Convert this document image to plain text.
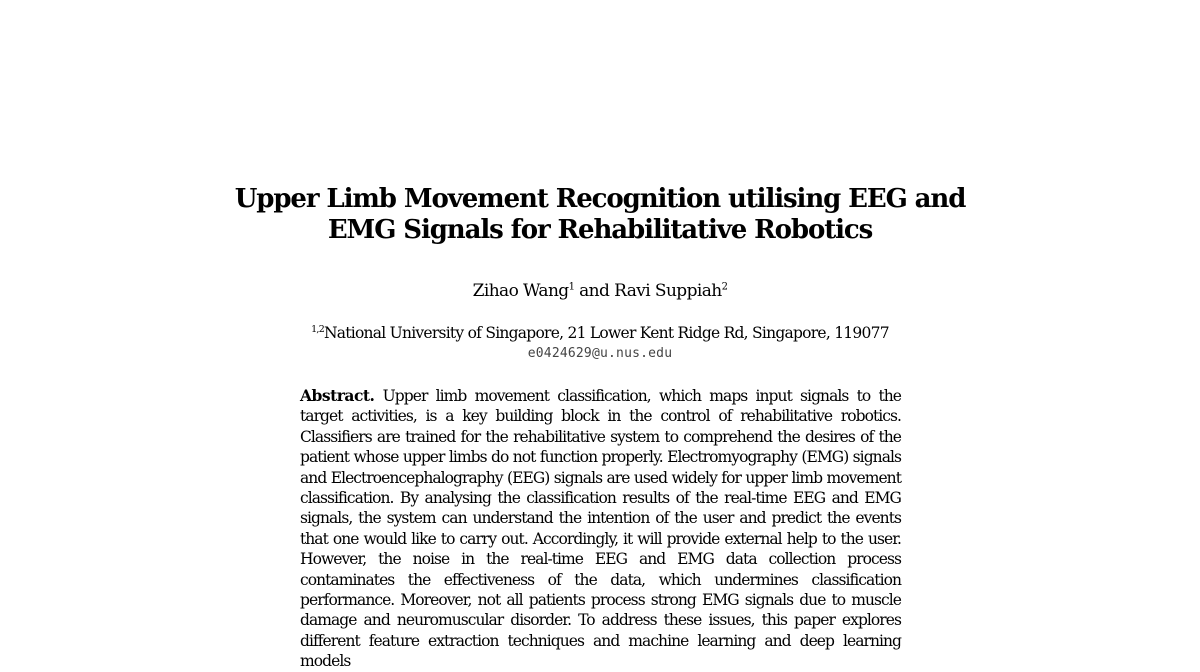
Upper Limb Movement Recognition utilising EEG and
EMG Signals for Rehabilitative Robotics
Zihao Wang$^1$ and Ravi Suppiah$^2$
$^{1,2}$National University of Singapore, 21 Lower Kent Ridge Rd, Singapore, 119077
e0424629@u.nus.edu

Abstract. Upper limb movement classification, which maps input signals to the target activities, is a key building block in the control of rehabilitative robotics. Classifiers are trained for the rehabilitative system to comprehend the desires of the patient whose upper limbs do not function properly. Electromyography (EMG) signals and Electroencephalography (EEG) signals are used widely for upper limb movement classification. By analysing the classification results of the real-time EEG and EMG signals, the system can understand the intention of the user and predict the events that one would like to carry out. Accordingly, it will provide external help to the user. However, the noise in the real-time EEG and EMG data collection process contaminates the effectiveness of the data, which undermines classification performance. Moreover, not all patients process strong EMG signals due to muscle damage and neuromuscular disorder. To address these issues, this paper explores different feature extraction techniques and machine learning and deep learning models
